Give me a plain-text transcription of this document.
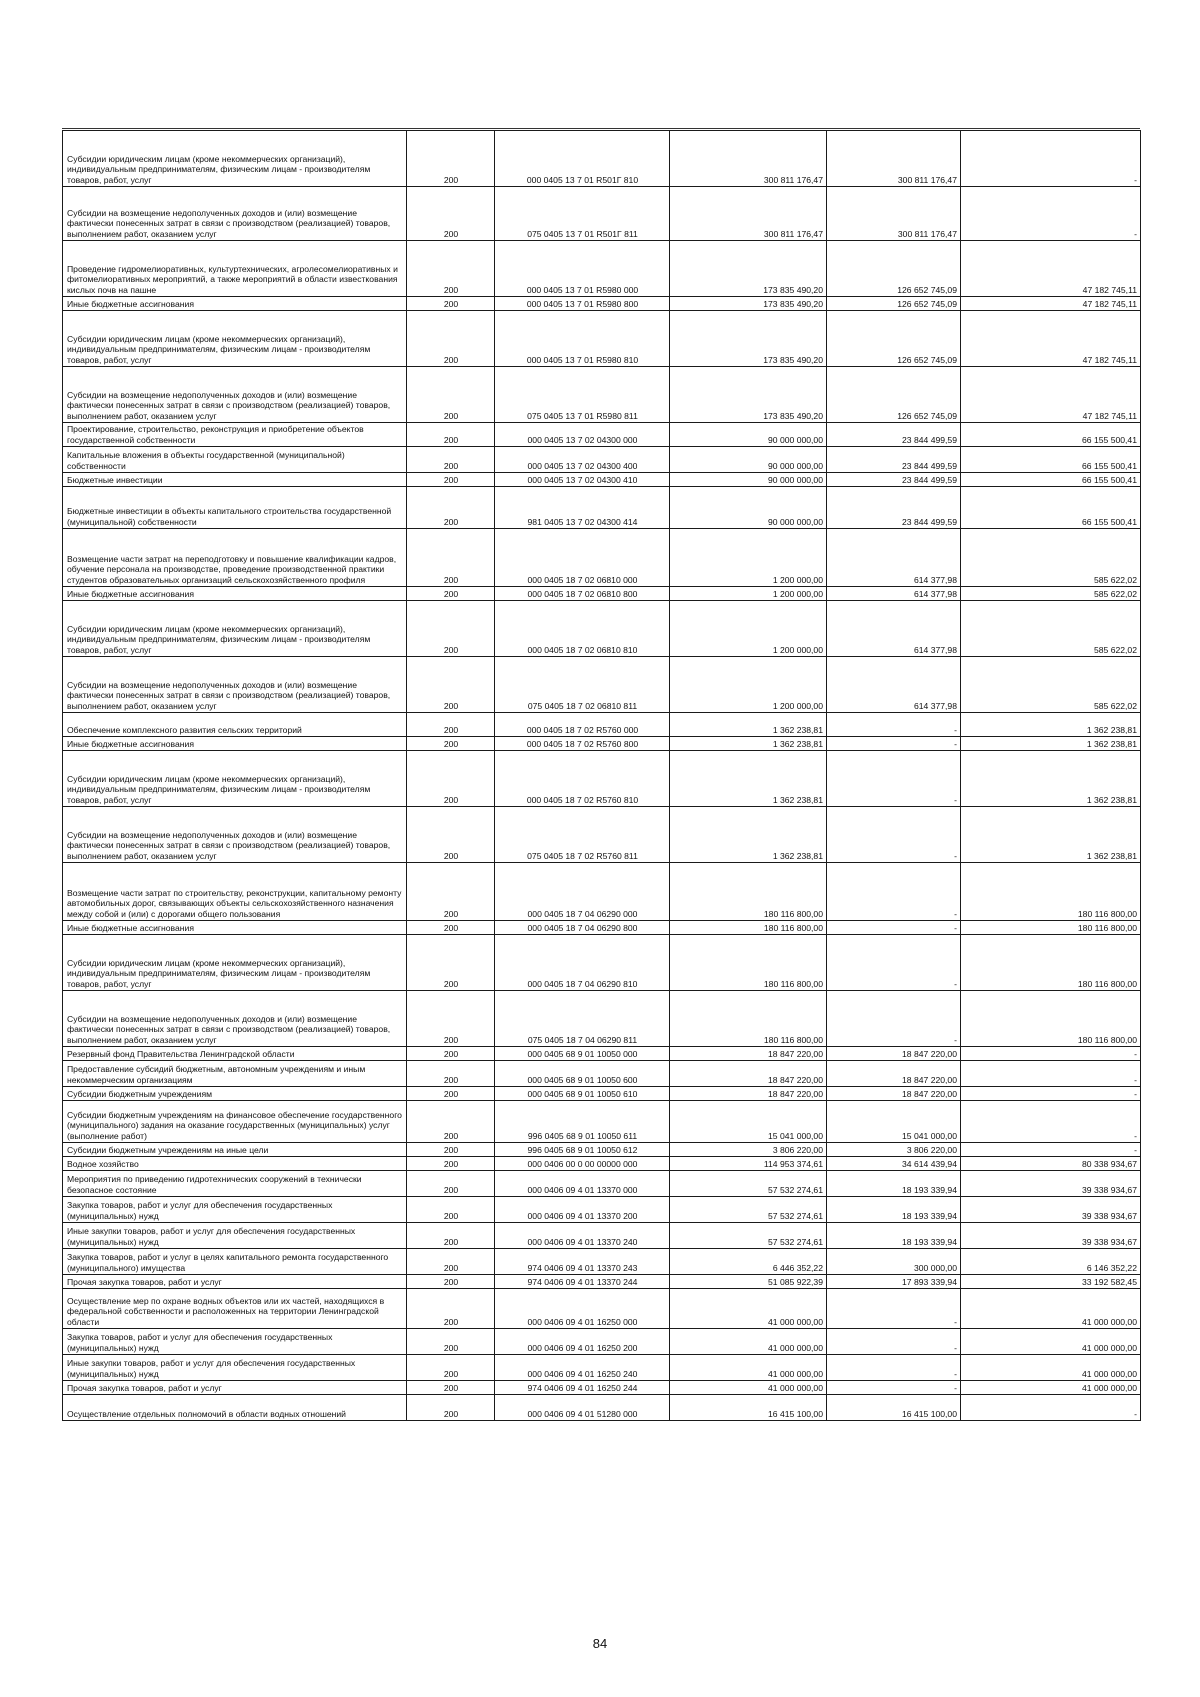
Субсидии юридическим лицам (кроме некоммерческих организаций), индивидуальным предпринимателям, физическим лицам - производителям товаров, работ, услуг	200	000 0405 13 7 01 R501Г 810	300 811 176,47	300 811 176,47	-
Субсидии на возмещение недополученных доходов и (или) возмещение фактически понесенных затрат в связи с производством (реализацией) товаров, выполнением работ, оказанием услуг	200	075 0405 13 7 01 R501Г 811	300 811 176,47	300 811 176,47	-
Проведение гидромелиоративных, культуртехнических, агролесомелиоративных и фитомелиоративных мероприятий, а также мероприятий в области известкования кислых почв на пашне	200	000 0405 13 7 01 R5980 000	173 835 490,20	126 652 745,09	47 182 745,11
Иные бюджетные ассигнования	200	000 0405 13 7 01 R5980 800	173 835 490,20	126 652 745,09	47 182 745,11
Субсидии юридическим лицам (кроме некоммерческих организаций), индивидуальным предпринимателям, физическим лицам - производителям товаров, работ, услуг	200	000 0405 13 7 01 R5980 810	173 835 490,20	126 652 745,09	47 182 745,11
Субсидии на возмещение недополученных доходов и (или) возмещение фактически понесенных затрат в связи с производством (реализацией) товаров, выполнением работ, оказанием услуг	200	075 0405 13 7 01 R5980 811	173 835 490,20	126 652 745,09	47 182 745,11
Проектирование, строительство, реконструкция и приобретение объектов государственной собственности	200	000 0405 13 7 02 04300 000	90 000 000,00	23 844 499,59	66 155 500,41
Капитальные вложения в объекты государственной (муниципальной) собственности	200	000 0405 13 7 02 04300 400	90 000 000,00	23 844 499,59	66 155 500,41
Бюджетные инвестиции	200	000 0405 13 7 02 04300 410	90 000 000,00	23 844 499,59	66 155 500,41
Бюджетные инвестиции в объекты капитального строительства государственной (муниципальной) собственности	200	981 0405 13 7 02 04300 414	90 000 000,00	23 844 499,59	66 155 500,41
Возмещение части затрат на переподготовку и повышение квалификации кадров, обучение персонала на производстве, проведение производственной практики студентов образовательных организаций сельскохозяйственного профиля	200	000 0405 18 7 02 06810 000	1 200 000,00	614 377,98	585 622,02
Иные бюджетные ассигнования	200	000 0405 18 7 02 06810 800	1 200 000,00	614 377,98	585 622,02
Субсидии юридическим лицам (кроме некоммерческих организаций), индивидуальным предпринимателям, физическим лицам - производителям товаров, работ, услуг	200	000 0405 18 7 02 06810 810	1 200 000,00	614 377,98	585 622,02
Субсидии на возмещение недополученных доходов и (или) возмещение фактически понесенных затрат в связи с производством (реализацией) товаров, выполнением работ, оказанием услуг	200	075 0405 18 7 02 06810 811	1 200 000,00	614 377,98	585 622,02
Обеспечение комплексного развития сельских территорий	200	000 0405 18 7 02 R5760 000	1 362 238,81	-	1 362 238,81
Иные бюджетные ассигнования	200	000 0405 18 7 02 R5760 800	1 362 238,81	-	1 362 238,81
Субсидии юридическим лицам (кроме некоммерческих организаций), индивидуальным предпринимателям, физическим лицам - производителям товаров, работ, услуг	200	000 0405 18 7 02 R5760 810	1 362 238,81	-	1 362 238,81
Субсидии на возмещение недополученных доходов и (или) возмещение фактически понесенных затрат в связи с производством (реализацией) товаров, выполнением работ, оказанием услуг	200	075 0405 18 7 02 R5760 811	1 362 238,81	-	1 362 238,81
Возмещение части затрат по строительству, реконструкции, капитальному ремонту автомобильных дорог, связывающих объекты сельскохозяйственного назначения между собой и (или) с дорогами общего пользования	200	000 0405 18 7 04 06290 000	180 116 800,00	-	180 116 800,00
Иные бюджетные ассигнования	200	000 0405 18 7 04 06290 800	180 116 800,00	-	180 116 800,00
Субсидии юридическим лицам (кроме некоммерческих организаций), индивидуальным предпринимателям, физическим лицам - производителям товаров, работ, услуг	200	000 0405 18 7 04 06290 810	180 116 800,00	-	180 116 800,00
Субсидии на возмещение недополученных доходов и (или) возмещение фактически понесенных затрат в связи с производством (реализацией) товаров, выполнением работ, оказанием услуг	200	075 0405 18 7 04 06290 811	180 116 800,00	-	180 116 800,00
Резервный фонд Правительства Ленинградской области	200	000 0405 68 9 01 10050 000	18 847 220,00	18 847 220,00	-
Предоставление субсидий бюджетным, автономным учреждениям и иным некоммерческим организациям	200	000 0405 68 9 01 10050 600	18 847 220,00	18 847 220,00	-
Субсидии бюджетным учреждениям	200	000 0405 68 9 01 10050 610	18 847 220,00	18 847 220,00	-
Субсидии бюджетным учреждениям на финансовое обеспечение государственного (муниципального) задания на оказание государственных (муниципальных) услуг (выполнение работ)	200	996 0405 68 9 01 10050 611	15 041 000,00	15 041 000,00	-
Субсидии бюджетным учреждениям на иные цели	200	996 0405 68 9 01 10050 612	3 806 220,00	3 806 220,00	-
Водное хозяйство	200	000 0406 00 0 00 00000 000	114 953 374,61	34 614 439,94	80 338 934,67
Мероприятия по приведению гидротехнических сооружений в технически безопасное состояние	200	000 0406 09 4 01 13370 000	57 532 274,61	18 193 339,94	39 338 934,67
Закупка товаров, работ и услуг для обеспечения государственных (муниципальных) нужд	200	000 0406 09 4 01 13370 200	57 532 274,61	18 193 339,94	39 338 934,67
Иные закупки товаров, работ и услуг для обеспечения государственных (муниципальных) нужд	200	000 0406 09 4 01 13370 240	57 532 274,61	18 193 339,94	39 338 934,67
Закупка товаров, работ и услуг в целях капитального ремонта государственного (муниципального) имущества	200	974 0406 09 4 01 13370 243	6 446 352,22	300 000,00	6 146 352,22
Прочая закупка товаров, работ и услуг	200	974 0406 09 4 01 13370 244	51 085 922,39	17 893 339,94	33 192 582,45
Осуществление мер по охране водных объектов или их частей, находящихся в федеральной собственности и расположенных на территории Ленинградской области	200	000 0406 09 4 01 16250 000	41 000 000,00	-	41 000 000,00
Закупка товаров, работ и услуг для обеспечения государственных (муниципальных) нужд	200	000 0406 09 4 01 16250 200	41 000 000,00	-	41 000 000,00
Иные закупки товаров, работ и услуг для обеспечения государственных (муниципальных) нужд	200	000 0406 09 4 01 16250 240	41 000 000,00	-	41 000 000,00
Прочая закупка товаров, работ и услуг	200	974 0406 09 4 01 16250 244	41 000 000,00	-	41 000 000,00
Осуществление отдельных полномочий в области водных отношений	200	000 0406 09 4 01 51280 000	16 415 100,00	16 415 100,00	-
84
